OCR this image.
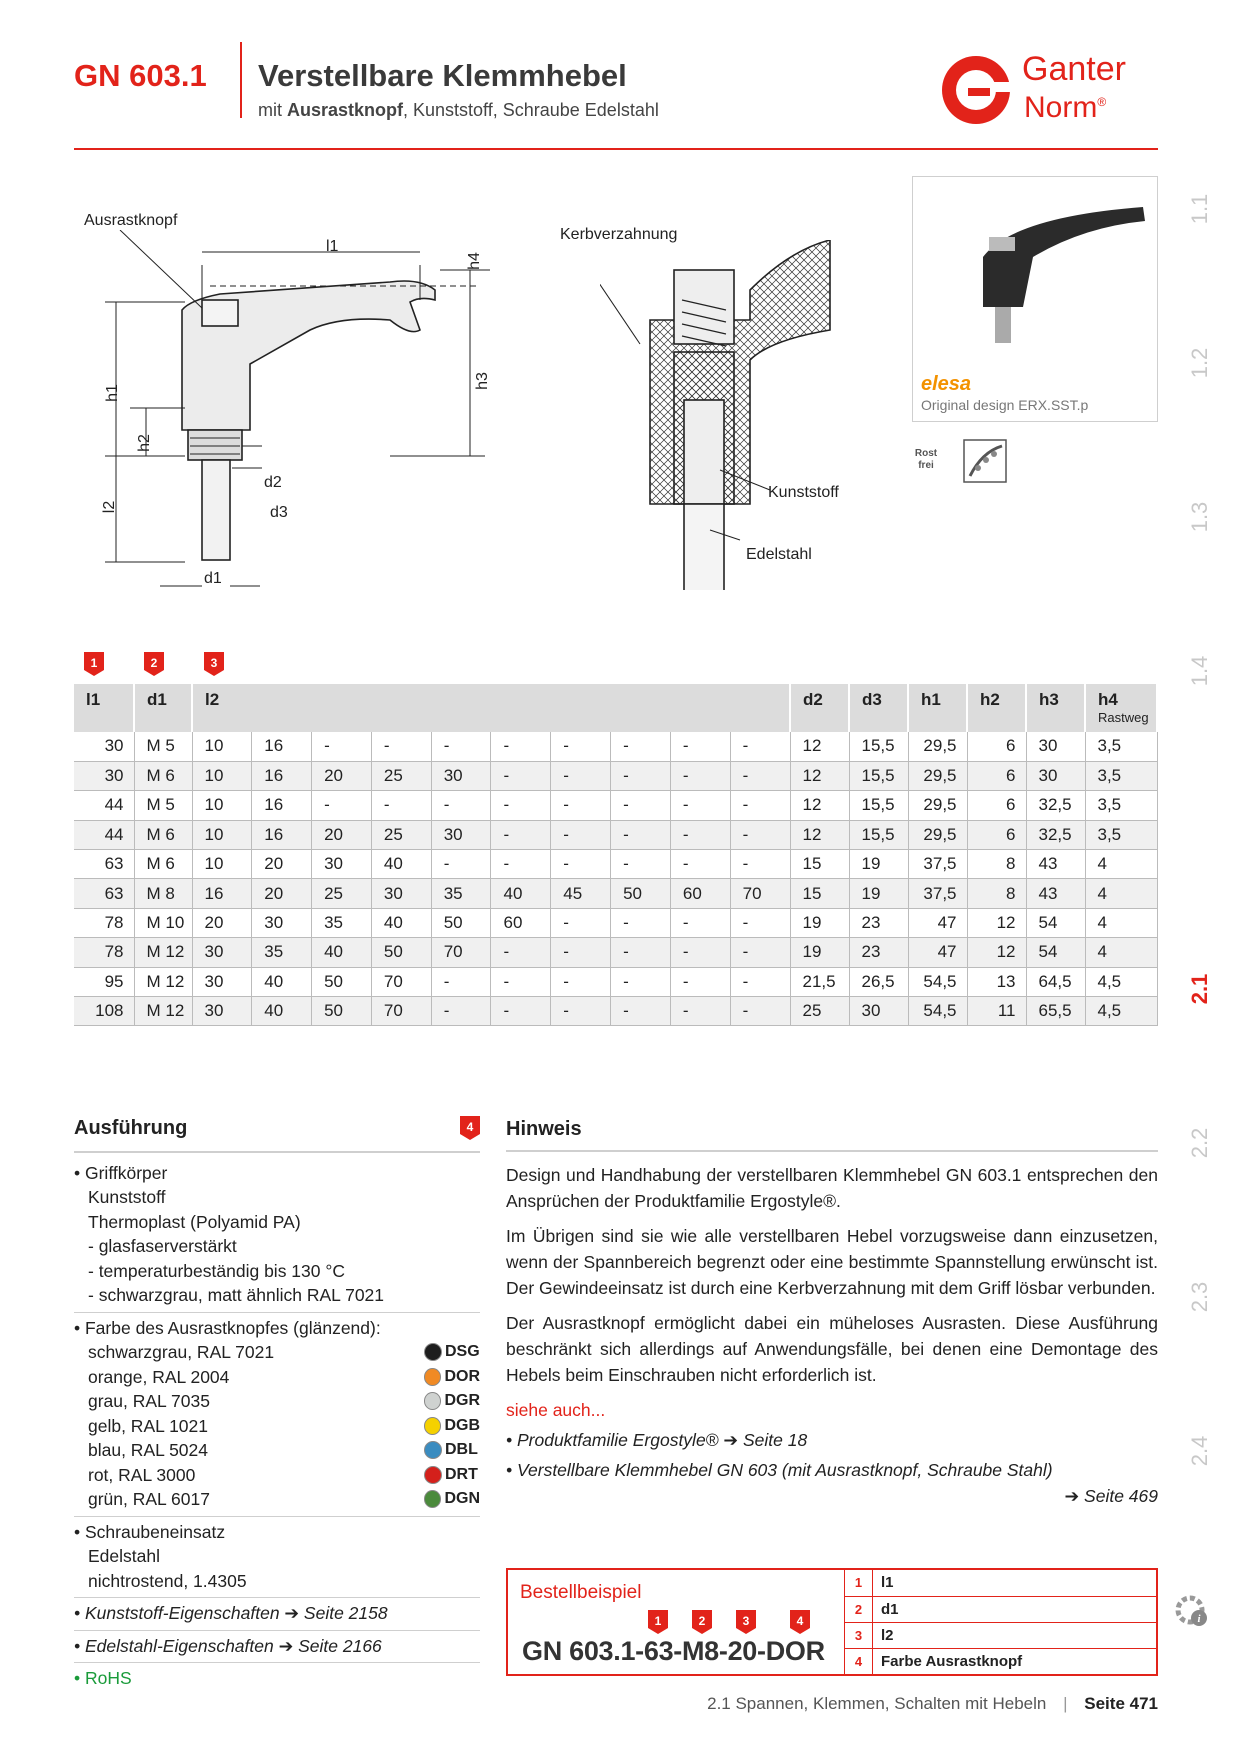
GN 603.1 Verstellbare Klemmhebel
mit Ausrastknopf, Kunststoff, Schraube Edelstahl
Ganter
Norm®
1.1
1.2
1.3
1.4
2.1
2.2
2.3
2.4
Ausrastknopf
l1
h4
h1
h2
h3
l2
d2
d3
d1
Kerbverzahnung
Kunststoff
Edelstahl
elesa
Original design ERX.SST.p
Rost frei
1	2	3
l1	d1	l2										d2	d3	h1	h2	h3	h4
Rastweg

30	M 5	10	16	-	-	-	-	-	-	-	-	12	15,5	29,5	6	30	3,5
30	M 6	10	16	20	25	30	-	-	-	-	-	12	15,5	29,5	6	30	3,5
44	M 5	10	16	-	-	-	-	-	-	-	-	12	15,5	29,5	6	32,5	3,5
44	M 6	10	16	20	25	30	-	-	-	-	-	12	15,5	29,5	6	32,5	3,5
63	M 6	10	20	30	40	-	-	-	-	-	-	15	19	37,5	8	43	4
63	M 8	16	20	25	30	35	40	45	50	60	70	15	19	37,5	8	43	4
78	M 10	20	30	35	40	50	60	-	-	-	-	19	23	47	12	54	4
78	M 12	30	35	40	50	70	-	-	-	-	-	19	23	47	12	54	4
95	M 12	30	40	50	70	-	-	-	-	-	-	21,5	26,5	54,5	13	64,5	4,5
108	M 12	30	40	50	70	-	-	-	-	-	-	25	30	54,5	11	65,5	4,5
Ausführung	4
• Griffkörper
Kunststoff
Thermoplast (Polyamid PA)
- glasfaserverstärkt
- temperaturbeständig bis 130 °C
- schwarzgrau, matt ähnlich RAL 7021
• Farbe des Ausrastknopfes (glänzend):
schwarzgrau, RAL 7021	DSG
orange, RAL 2004	DOR
grau, RAL 7035	DGR
gelb, RAL 1021	DGB
blau, RAL 5024	DBL
rot, RAL 3000	DRT
grün, RAL 6017	DGN
• Schraubeneinsatz
Edelstahl
nichtrostend, 1.4305
• Kunststoff-Eigenschaften ➔ Seite 2158
• Edelstahl-Eigenschaften ➔ Seite 2166
• RoHS
Hinweis

Design und Handhabung der verstellbaren Klemmhebel GN 603.1 entsprechen den Ansprüchen der Produktfamilie Ergostyle®.

Im Übrigen sind sie wie alle verstellbaren Hebel vorzugsweise dann einzusetzen, wenn der Spannbereich begrenzt oder eine bestimmte Spannstellung erwünscht ist. Der Gewindeeinsatz ist durch eine Kerbverzahnung mit dem Griff lösbar verbunden.

Der Ausrastknopf ermöglicht dabei ein müheloses Ausrasten. Diese Ausführung beschränkt sich allerdings auf Anwendungsfälle, bei denen eine Demontage des Hebels beim Einschrauben nicht erforderlich ist.

siehe auch...
• Produktfamilie Ergostyle® ➔ Seite 18
• Verstellbare Klemmhebel GN 603 (mit Ausrastknopf, Schraube Stahl)
➔ Seite 469
Bestellbeispiel
1	2	3	4
GN 603.1-63-M8-20-DOR
1	l1
2	d1
3	l2
4	Farbe Ausrastknopf
i
2.1 Spannen, Klemmen, Schalten mit Hebeln | Seite 471
